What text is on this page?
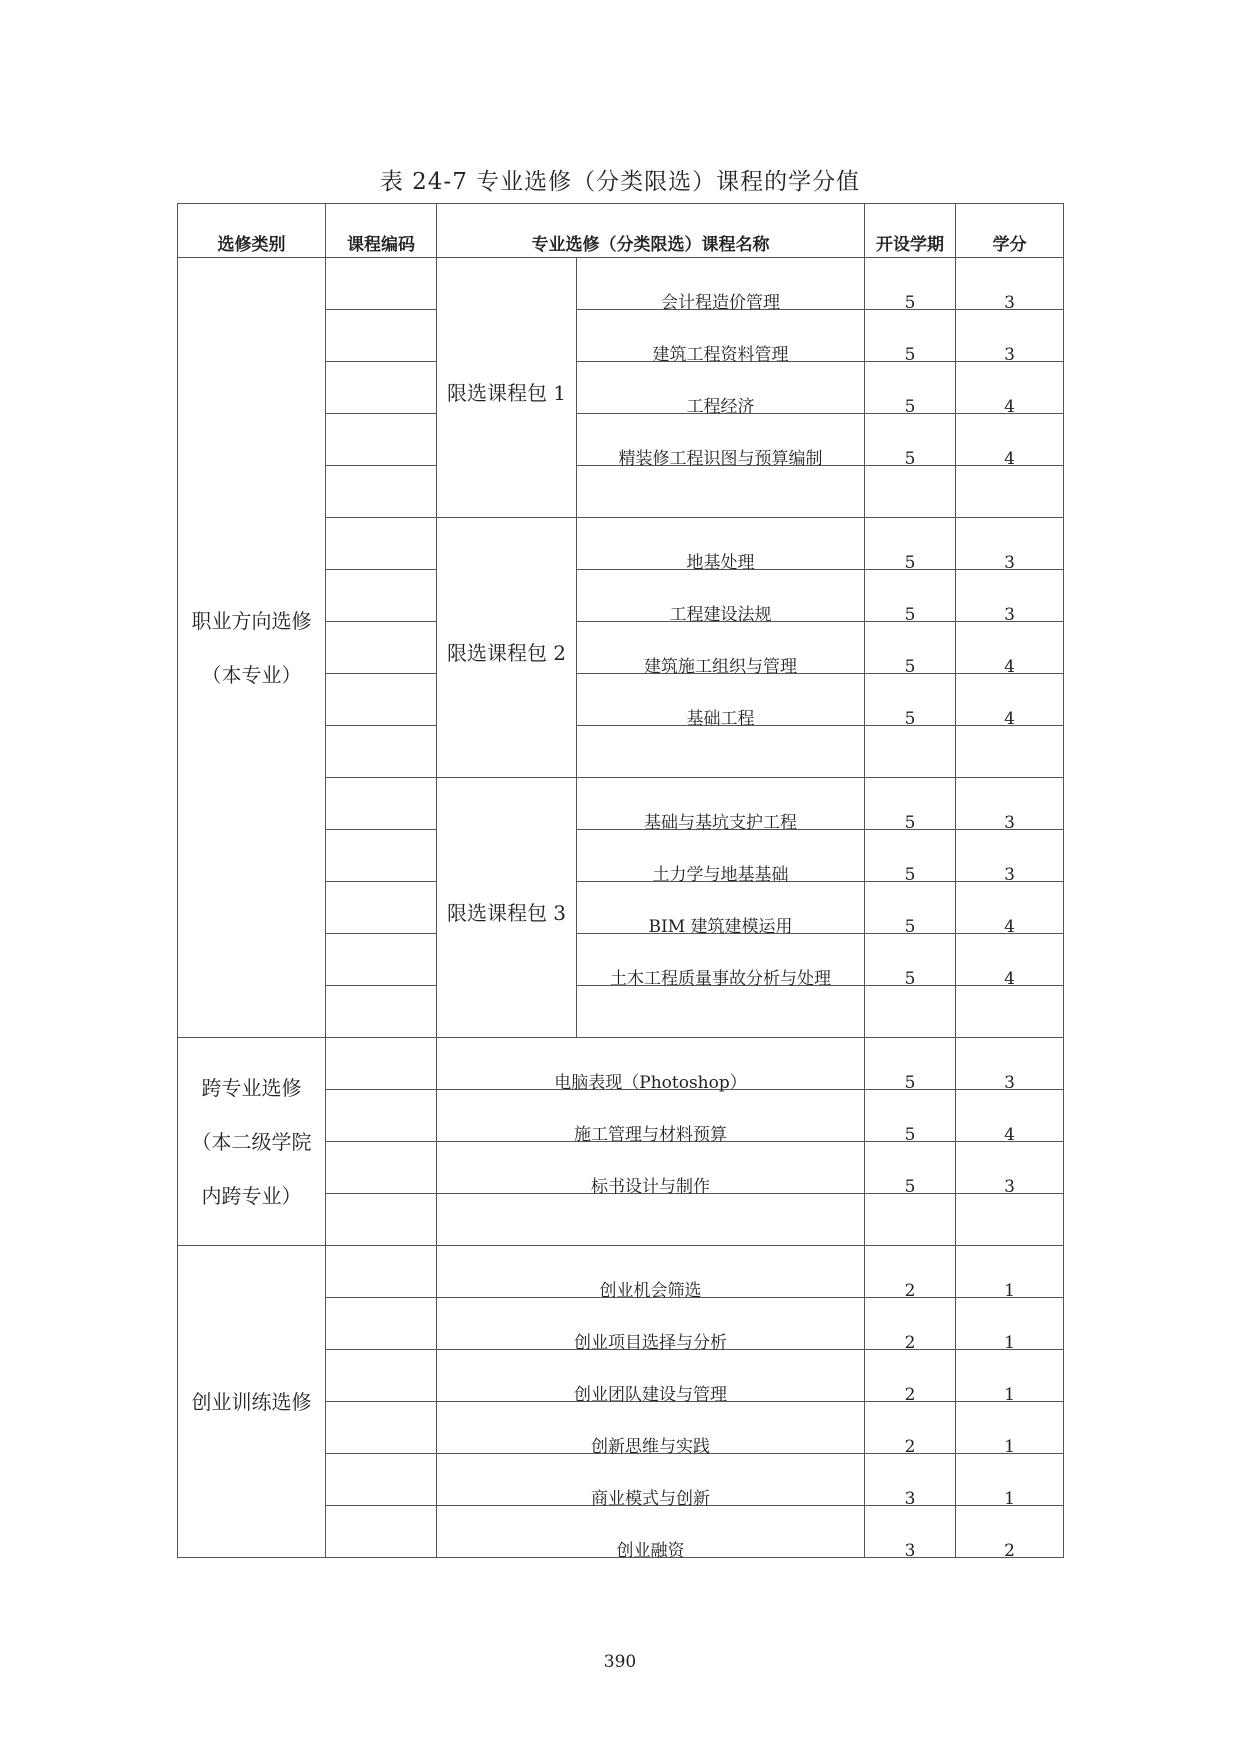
表 24-7 专业选修（分类限选）课程的学分值
选修类别	课程编码	专业选修（分类限选）课程名称		开设学期	学分

职业方向选修
（本专业）		限选课程包 1	会计程造价管理	5	3
			建筑工程资料管理	5	3
			工程经济	5	4
			精装修工程识图与预算编制	5	4

		限选课程包 2	地基处理	5	3
			工程建设法规	5	3
			建筑施工组织与管理	5	4
			基础工程	5	4

		限选课程包 3	基础与基坑支护工程	5	3
			土力学与地基基础	5	3
			BIM 建筑建模运用	5	4
			土木工程质量事故分析与处理	5	4

跨专业选修
（本二级学院
内跨专业）		电脑表现（Photoshop）		5	3
		施工管理与材料预算		5	4
		标书设计与制作		5	3

创业训练选修		创业机会筛选		2	1
		创业项目选择与分析		2	1
		创业团队建设与管理		2	1
		创新思维与实践		2	1
		商业模式与创新		3	1
		创业融资		3	2
390
